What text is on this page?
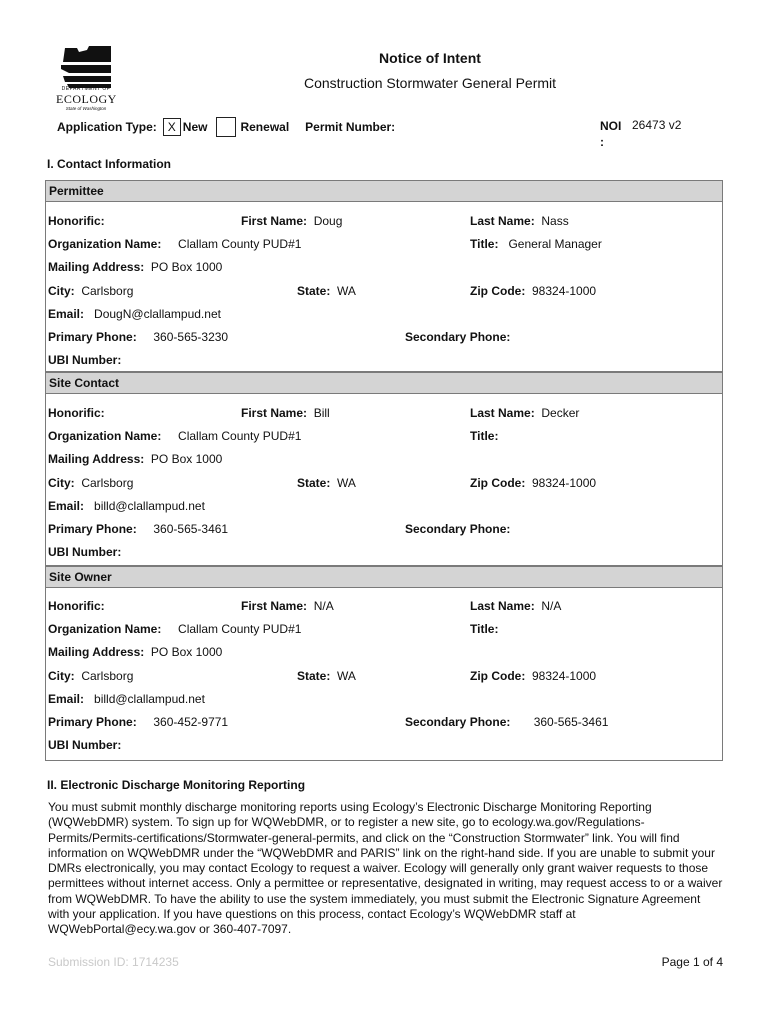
DEPARTMENT OF
ECOLOGY
State of Washington
Notice of Intent
Construction Stormwater General Permit
Application Type: X New	Renewal Permit Number:	NOI :
26473 v2
I. Contact Information
Permittee
Honorific:	First Name: Doug	Last Name: Nass
Organization Name: Clallam County PUD#1	Title: General Manager
Mailing Address: PO Box 1000
City: Carlsborg	State: WA	Zip Code: 98324-1000
Email: DougN@clallampud.net
Primary Phone: 360-565-3230	Secondary Phone:
UBI Number:
Site Contact
Honorific:	First Name: Bill	Last Name: Decker
Organization Name: Clallam County PUD#1	Title:
Mailing Address: PO Box 1000
City: Carlsborg	State: WA	Zip Code: 98324-1000
Email: billd@clallampud.net
Primary Phone: 360-565-3461	Secondary Phone:
UBI Number:
Site Owner
Honorific:	First Name: N/A	Last Name: N/A
Organization Name: Clallam County PUD#1	Title:
Mailing Address: PO Box 1000
City: Carlsborg	State: WA	Zip Code: 98324-1000
Email: billd@clallampud.net
Primary Phone: 360-452-9771	Secondary Phone: 360-565-3461
UBI Number:
II. Electronic Discharge Monitoring Reporting
You must submit monthly discharge monitoring reports using Ecology’s Electronic Discharge Monitoring Reporting (WQWebDMR) system. To sign up for WQWebDMR, or to register a new site, go to ecology.wa.gov/Regulations-Permits/Permits-certifications/Stormwater-general-permits, and click on the “Construction Stormwater” link. You will find information on WQWebDMR under the “WQWebDMR and PARIS” link on the right-hand side. If you are unable to submit your DMRs electronically, you may contact Ecology to request a waiver. Ecology will generally only grant waiver requests to those permittees without internet access. Only a permittee or representative, designated in writing, may request access to or a waiver from WQWebDMR. To have the ability to use the system immediately, you must submit the Electronic Signature Agreement with your application. If you have questions on this process, contact Ecology’s WQWebDMR staff at WQWebPortal@ecy.wa.gov or 360-407-7097.
Submission ID: 1714235	Page 1 of 4
